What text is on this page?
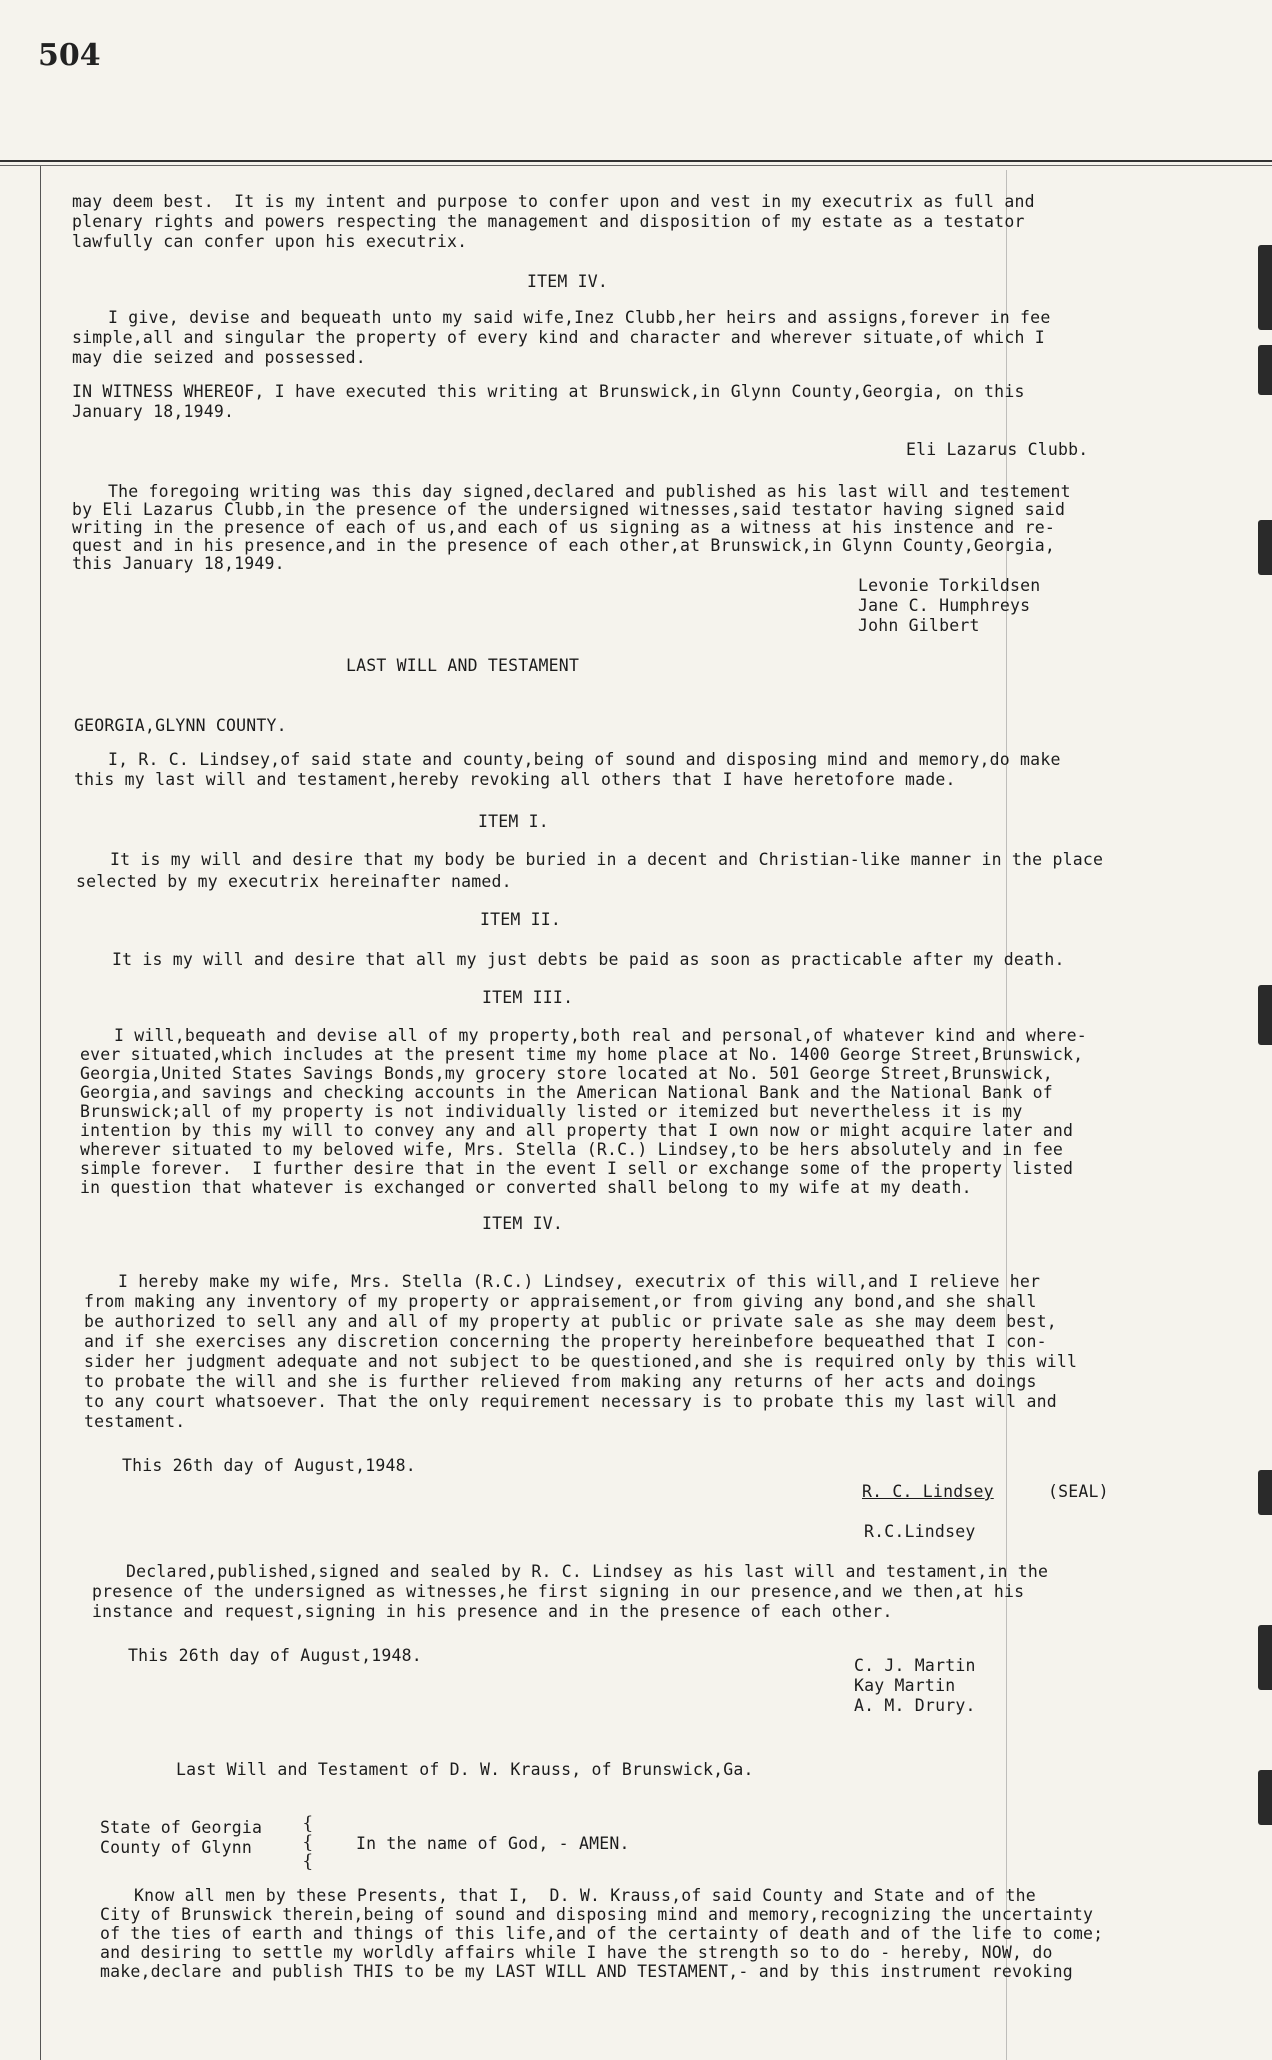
504
may deem best.  It is my intent and purpose to confer upon and vest in my executrix as full and
plenary rights and powers respecting the management and disposition of my estate as a testator
lawfully can confer upon his executrix.
ITEM IV.
I give, devise and bequeath unto my said wife,Inez Clubb,her heirs and assigns,forever in fee
simple,all and singular the property of every kind and character and wherever situate,of which I
may die seized and possessed.
IN WITNESS WHEREOF, I have executed this writing at Brunswick,in Glynn County,Georgia, on this
January 18,1949.
Eli Lazarus Clubb.
The foregoing writing was this day signed,declared and published as his last will and testement
by Eli Lazarus Clubb,in the presence of the undersigned witnesses,said testator having signed said
writing in the presence of each of us,and each of us signing as a witness at his instence and re-
quest and in his presence,and in the presence of each other,at Brunswick,in Glynn County,Georgia,
this January 18,1949.
Levonie Torkildsen
Jane C. Humphreys
John Gilbert
LAST WILL AND TESTAMENT
GEORGIA,GLYNN COUNTY.
I, R. C. Lindsey,of said state and county,being of sound and disposing mind and memory,do make
this my last will and testament,hereby revoking all others that I have heretofore made.
ITEM I.
It is my will and desire that my body be buried in a decent and Christian-like manner in the place
selected by my executrix hereinafter named.
ITEM II.
It is my will and desire that all my just debts be paid as soon as practicable after my death.
ITEM III.
I will,bequeath and devise all of my property,both real and personal,of whatever kind and where-
ever situated,which includes at the present time my home place at No. 1400 George Street,Brunswick,
Georgia,United States Savings Bonds,my grocery store located at No. 501 George Street,Brunswick,
Georgia,and savings and checking accounts in the American National Bank and the National Bank of
Brunswick;all of my property is not individually listed or itemized but nevertheless it is my
intention by this my will to convey any and all property that I own now or might acquire later and
wherever situated to my beloved wife, Mrs. Stella (R.C.) Lindsey,to be hers absolutely and in fee
simple forever.  I further desire that in the event I sell or exchange some of the property listed
in question that whatever is exchanged or converted shall belong to my wife at my death.
ITEM IV.
I hereby make my wife, Mrs. Stella (R.C.) Lindsey, executrix of this will,and I relieve her
from making any inventory of my property or appraisement,or from giving any bond,and she shall
be authorized to sell any and all of my property at public or private sale as she may deem best,
and if she exercises any discretion concerning the property hereinbefore bequeathed that I con-
sider her judgment adequate and not subject to be questioned,and she is required only by this will
to probate the will and she is further relieved from making any returns of her acts and doings
to any court whatsoever. That the only requirement necessary is to probate this my last will and
testament.
This 26th day of August,1948.
R. C. Lindsey	(SEAL)
R.C.Lindsey
Declared,published,signed and sealed by R. C. Lindsey as his last will and testament,in the
presence of the undersigned as witnesses,he first signing in our presence,and we then,at his
instance and request,signing in his presence and in the presence of each other.
This 26th day of August,1948.
C. J. Martin
Kay Martin
A. M. Drury.
Last Will and Testament of D. W. Krauss, of Brunswick,Ga.
State of Georgia
County of Glynn
{
{
{
In the name of God, - AMEN.
Know all men by these Presents, that I,  D. W. Krauss,of said County and State and of the
City of Brunswick therein,being of sound and disposing mind and memory,recognizing the uncertainty
of the ties of earth and things of this life,and of the certainty of death and of the life to come;
and desiring to settle my worldly affairs while I have the strength so to do - hereby, NOW, do
make,declare and publish THIS to be my LAST WILL AND TESTAMENT,- and by this instrument revoking
